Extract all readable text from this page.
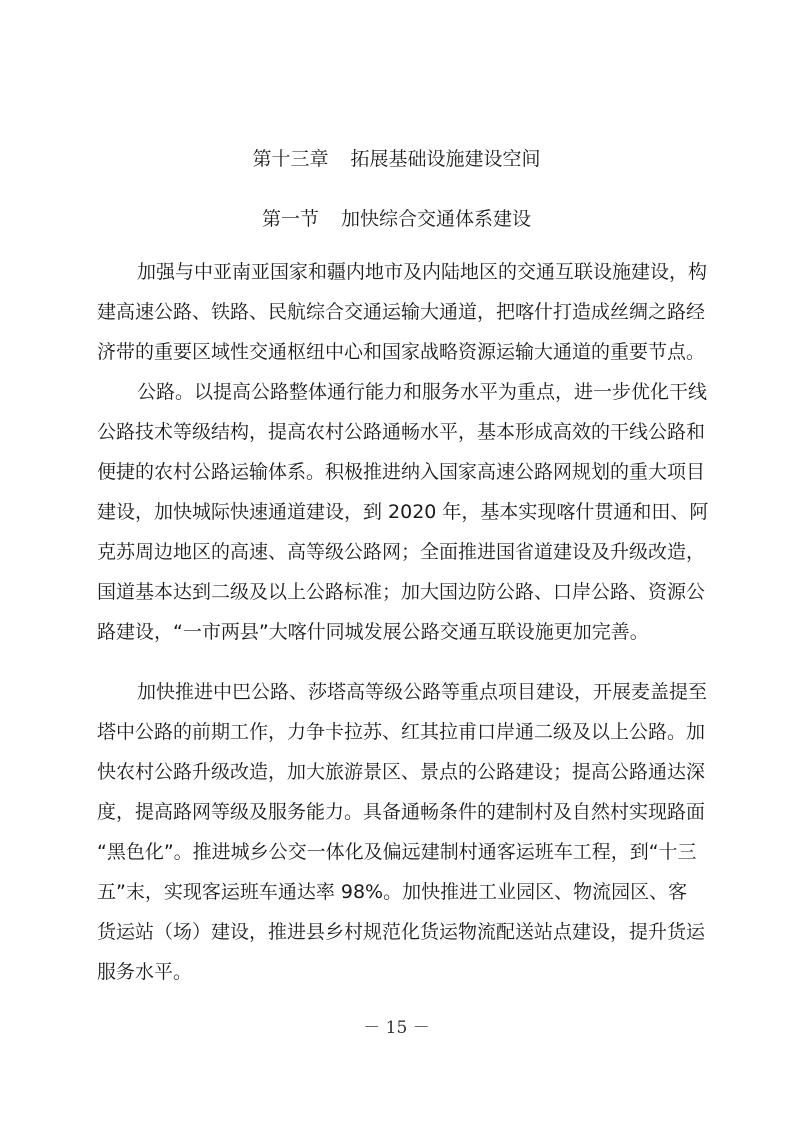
第十三章 拓展基础设施建设空间
第一节 加快综合交通体系建设

加强与中亚南亚国家和疆内地市及内陆地区的交通互联设施建设，构

建高速公路、铁路、民航综合交通运输大通道，把喀什打造成丝绸之路经

济带的重要区域性交通枢纽中心和国家战略资源运输大通道的重要节点。

公路。以提高公路整体通行能力和服务水平为重点，进一步优化干线

公路技术等级结构，提高农村公路通畅水平，基本形成高效的干线公路和

便捷的农村公路运输体系。积极推进纳入国家高速公路网规划的重大项目

建设，加快城际快速通道建设，到 2020 年，基本实现喀什贯通和田、阿

克苏周边地区的高速、高等级公路网；全面推进国省道建设及升级改造，

国道基本达到二级及以上公路标准；加大国边防公路、口岸公路、资源公

路建设，“一市两县”大喀什同城发展公路交通互联设施更加完善。

加快推进中巴公路、莎塔高等级公路等重点项目建设，开展麦盖提至

塔中公路的前期工作，力争卡拉苏、红其拉甫口岸通二级及以上公路。加

快农村公路升级改造，加大旅游景区、景点的公路建设；提高公路通达深

度，提高路网等级及服务能力。具备通畅条件的建制村及自然村实现路面

“黑色化”。推进城乡公交一体化及偏远建制村通客运班车工程，到“十三

五”末，实现客运班车通达率 98%。加快推进工业园区、物流园区、客

货运站（场）建设，推进县乡村规范化货运物流配送站点建设，提升货运

服务水平。

－ 15 －
